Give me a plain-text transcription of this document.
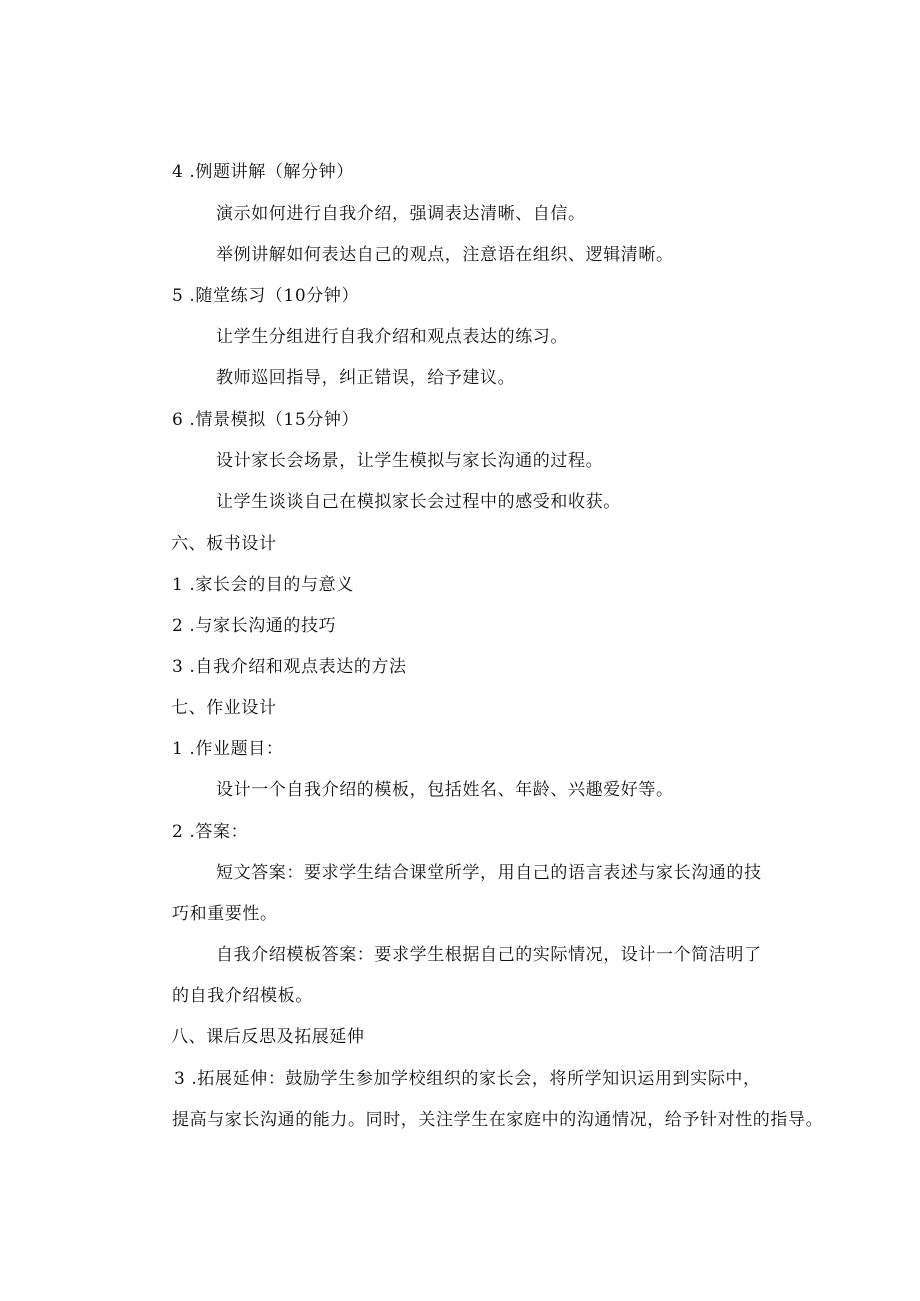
4 .例题讲解（解分钟）
演示如何进行自我介绍，强调表达清晰、自信。
举例讲解如何表达自己的观点，注意语在组织、逻辑清晰。
5 .随堂练习（10分钟）
让学生分组进行自我介绍和观点表达的练习。
教师巡回指导，纠正错误，给予建议。
6 .情景模拟（15分钟）
设计家长会场景，让学生模拟与家长沟通的过程。
让学生谈谈自己在模拟家长会过程中的感受和收获。
六、板书设计
1 .家长会的目的与意义
2 .与家长沟通的技巧
3 .自我介绍和观点表达的方法
七、作业设计
1 .作业题目：
设计一个自我介绍的模板，包括姓名、年龄、兴趣爱好等。
2 .答案：
短文答案：要求学生结合课堂所学，用自己的语言表述与家长沟通的技
巧和重要性。
自我介绍模板答案：要求学生根据自己的实际情况，设计一个简洁明了
的自我介绍模板。
八、课后反思及拓展延伸
3 .拓展延伸：鼓励学生参加学校组织的家长会，将所学知识运用到实际中，
提高与家长沟通的能力。同时，关注学生在家庭中的沟通情况，给予针对性的指导。
